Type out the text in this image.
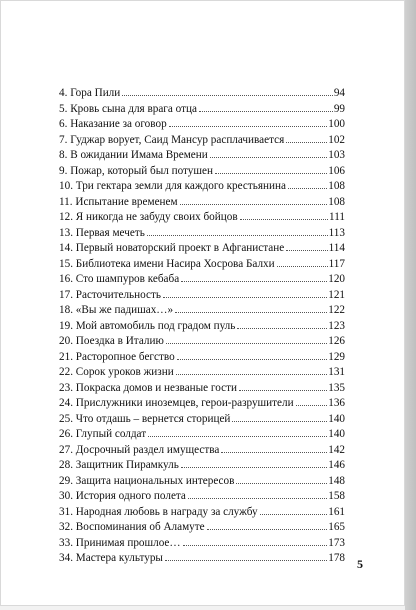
4. Гора Пили	94
5. Кровь сына для врага отца	99
6. Наказание за оговор	100
7. Гуджар ворует, Саид Мансур расплачивается	102
8. В ожидании Имама Времени	103
9. Пожар, который был потушен	106
10. Три гектара земли для каждого крестьянина	108
11. Испытание временем	108
12. Я никогда не забуду своих бойцов	111
13. Первая мечеть	113
14. Первый новаторский проект в Афганистане	114
15. Библиотека имени Насира Хосрова Балхи	117
16. Сто шампуров кебаба	120
17. Расточительность	121
18. «Вы же падишах…»	122
19. Мой автомобиль под градом пуль	123
20. Поездка в Италию	126
21. Расторопное бегство	129
22. Сорок уроков жизни	131
23. Покраска домов и незваные гости	135
24. Прислужники иноземцев, герои-разрушители	136
25. Что отдашь – вернется сторицей	140
26. Глупый солдат	140
27. Досрочный раздел имущества	142
28. Защитник Пирамкуль	146
29. Защита национальных интересов	148
30. История одного полета	158
31. Народная любовь в награду за службу	161
32. Воспоминания об Аламуте	165
33. Принимая прошлое…	173
34. Мастера культуры	178 5
